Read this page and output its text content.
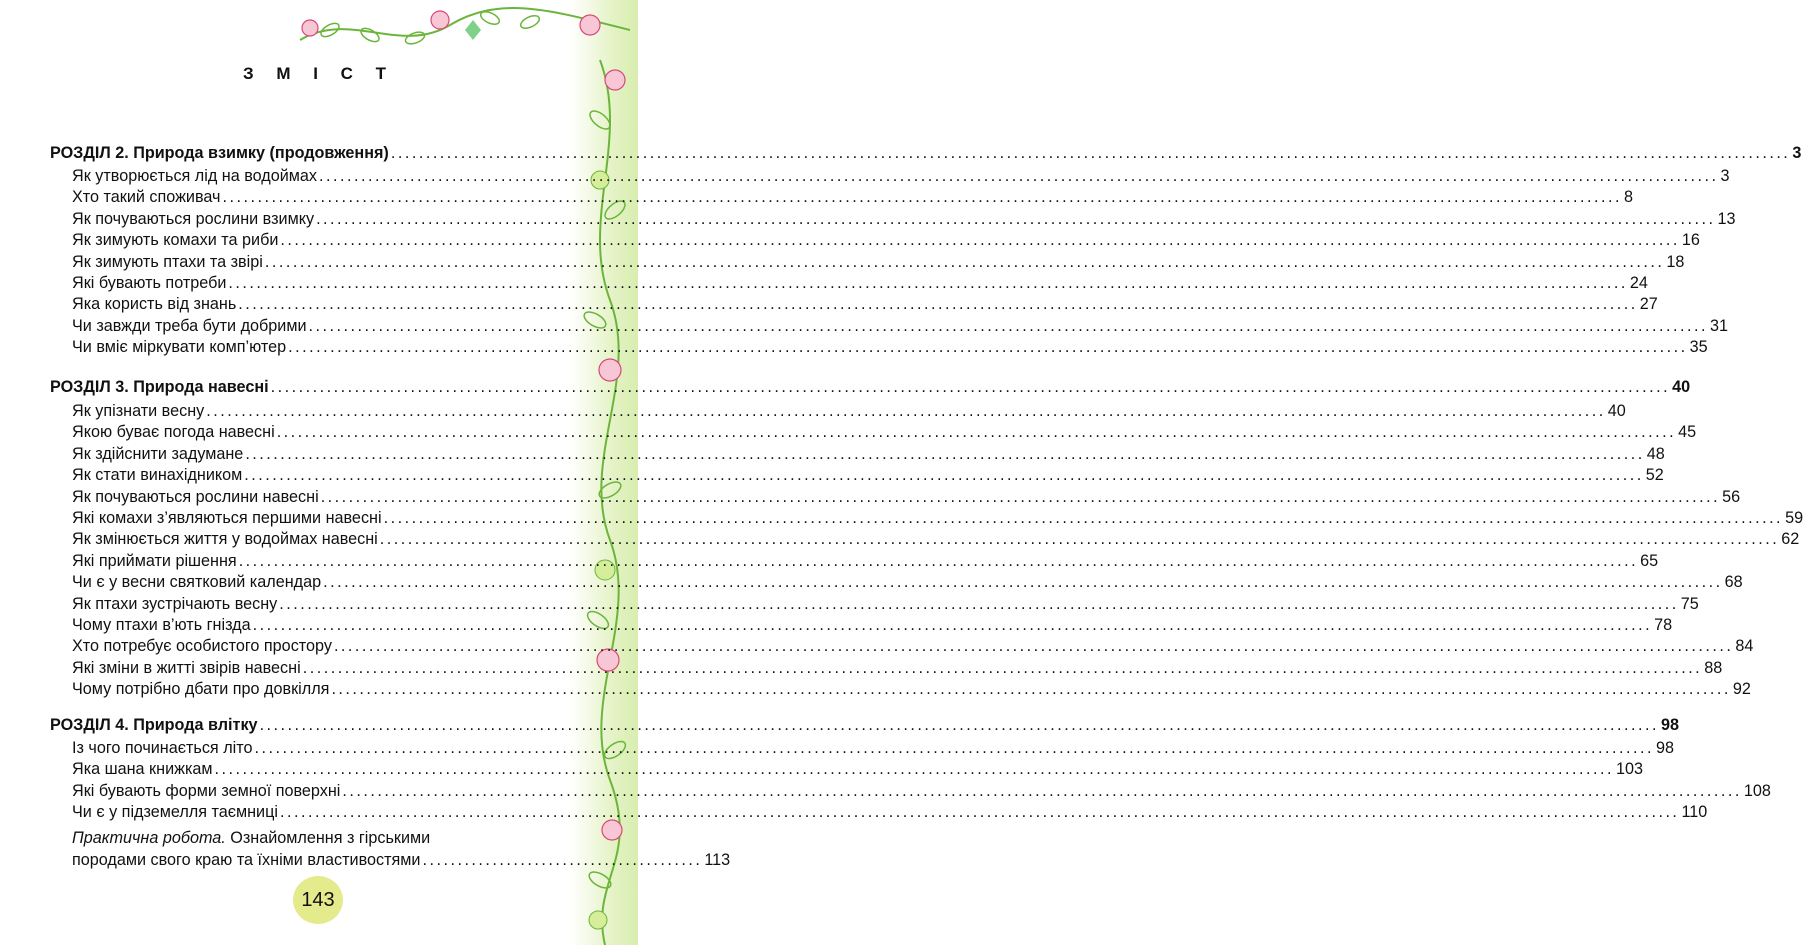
З М І С Т
РОЗДІЛ 2. Природа взимку (продовження) ........................................................................................................................................................................................................ 3
Як утворюється лід на водоймах ........................................................................................................................................................................................................ 3
Хто такий споживач ........................................................................................................................................................................................................ 8
Як почуваються рослини взимку ........................................................................................................................................................................................................ 13
Як зимують комахи та риби ........................................................................................................................................................................................................ 16
Як зимують птахи та звірі ........................................................................................................................................................................................................ 18
Які бувають потреби ........................................................................................................................................................................................................ 24
Яка користь від знань ........................................................................................................................................................................................................ 27
Чи завжди треба бути добрими ........................................................................................................................................................................................................ 31
Чи вміє міркувати комп’ютер ........................................................................................................................................................................................................ 35
РОЗДІЛ 3. Природа навесні ........................................................................................................................................................................................................ 40
Як упізнати весну ........................................................................................................................................................................................................ 40
Якою буває погода навесні ........................................................................................................................................................................................................ 45
Як здійснити задумане ........................................................................................................................................................................................................ 48
Як стати винахідником ........................................................................................................................................................................................................ 52
Як почуваються рослини навесні ........................................................................................................................................................................................................ 56
Які комахи з’являються першими навесні ........................................................................................................................................................................................................ 59
Як змінюється життя у водоймах навесні ........................................................................................................................................................................................................ 62
Які приймати рішення ........................................................................................................................................................................................................ 65
Чи є у весни святковий календар ........................................................................................................................................................................................................ 68
Як птахи зустрічають весну ........................................................................................................................................................................................................ 75
Чому птахи в’ють гнізда ........................................................................................................................................................................................................ 78
Хто потребує особистого простору ........................................................................................................................................................................................................ 84
Які зміни в житті звірів навесні ........................................................................................................................................................................................................ 88
Чому потрібно дбати про довкілля ........................................................................................................................................................................................................ 92
РОЗДІЛ 4. Природа влітку ........................................................................................................................................................................................................ 98
Із чого починається літо ........................................................................................................................................................................................................ 98
Яка шана книжкам ........................................................................................................................................................................................................ 103
Які бувають форми земної поверхні ........................................................................................................................................................................................................ 108
Чи є у підземелля таємниці ........................................................................................................................................................................................................ 110
Практична робота. Ознайомлення з гірськими
породами свого краю та їхніми властивостями ........................................ 113
143
